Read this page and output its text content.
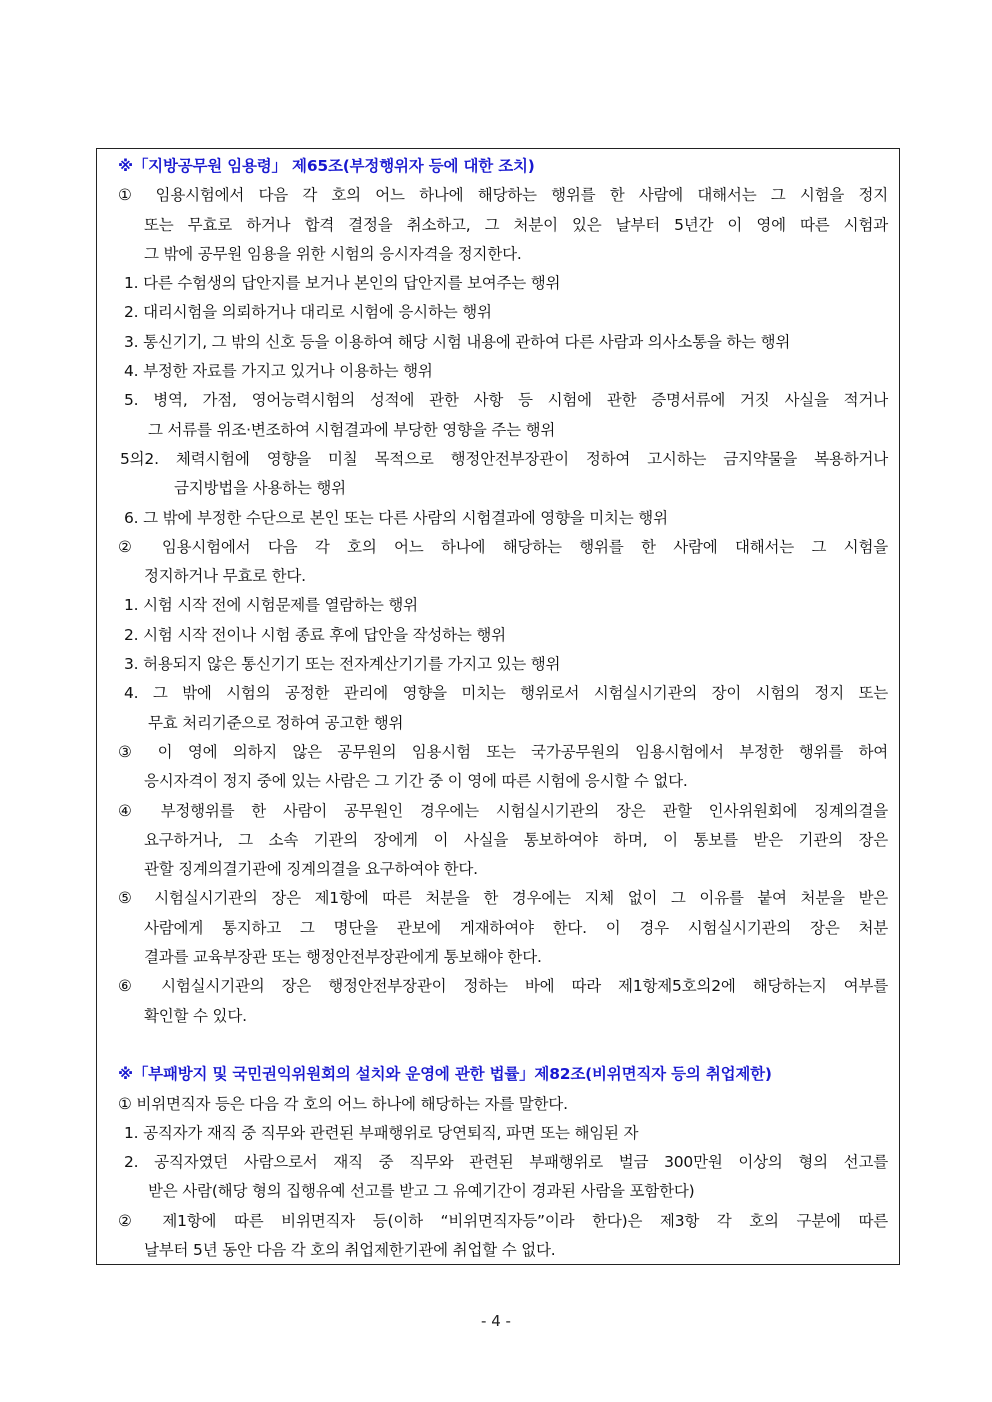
※「지방공무원 임용령」 제65조(부정행위자 등에 대한 조치)
① 임용시험에서 다음 각 호의 어느 하나에 해당하는 행위를 한 사람에 대해서는 그 시험을 정지
또는 무효로 하거나 합격 결정을 취소하고, 그 처분이 있은 날부터 5년간 이 영에 따른 시험과
그 밖에 공무원 임용을 위한 시험의 응시자격을 정지한다.
1. 다른 수험생의 답안지를 보거나 본인의 답안지를 보여주는 행위
2. 대리시험을 의뢰하거나 대리로 시험에 응시하는 행위
3. 통신기기, 그 밖의 신호 등을 이용하여 해당 시험 내용에 관하여 다른 사람과 의사소통을 하는 행위
4. 부정한 자료를 가지고 있거나 이용하는 행위
5. 병역, 가점, 영어능력시험의 성적에 관한 사항 등 시험에 관한 증명서류에 거짓 사실을 적거나
그 서류를 위조·변조하여 시험결과에 부당한 영향을 주는 행위
5의2. 체력시험에 영향을 미칠 목적으로 행정안전부장관이 정하여 고시하는 금지약물을 복용하거나
금지방법을 사용하는 행위
6. 그 밖에 부정한 수단으로 본인 또는 다른 사람의 시험결과에 영향을 미치는 행위
② 임용시험에서 다음 각 호의 어느 하나에 해당하는 행위를 한 사람에 대해서는 그 시험을
정지하거나 무효로 한다.
1. 시험 시작 전에 시험문제를 열람하는 행위
2. 시험 시작 전이나 시험 종료 후에 답안을 작성하는 행위
3. 허용되지 않은 통신기기 또는 전자계산기기를 가지고 있는 행위
4. 그 밖에 시험의 공정한 관리에 영향을 미치는 행위로서 시험실시기관의 장이 시험의 정지 또는
무효 처리기준으로 정하여 공고한 행위
③ 이 영에 의하지 않은 공무원의 임용시험 또는 국가공무원의 임용시험에서 부정한 행위를 하여
응시자격이 정지 중에 있는 사람은 그 기간 중 이 영에 따른 시험에 응시할 수 없다.
④ 부정행위를 한 사람이 공무원인 경우에는 시험실시기관의 장은 관할 인사위원회에 징계의결을
요구하거나, 그 소속 기관의 장에게 이 사실을 통보하여야 하며, 이 통보를 받은 기관의 장은
관할 징계의결기관에 징계의결을 요구하여야 한다.
⑤ 시험실시기관의 장은 제1항에 따른 처분을 한 경우에는 지체 없이 그 이유를 붙여 처분을 받은
사람에게 통지하고 그 명단을 관보에 게재하여야 한다. 이 경우 시험실시기관의 장은 처분
결과를 교육부장관 또는 행정안전부장관에게 통보해야 한다.
⑥ 시험실시기관의 장은 행정안전부장관이 정하는 바에 따라 제1항제5호의2에 해당하는지 여부를
확인할 수 있다.
※「부패방지 및 국민권익위원회의 설치와 운영에 관한 법률」제82조(비위면직자 등의 취업제한)
① 비위면직자 등은 다음 각 호의 어느 하나에 해당하는 자를 말한다.
1. 공직자가 재직 중 직무와 관련된 부패행위로 당연퇴직, 파면 또는 해임된 자
2. 공직자였던 사람으로서 재직 중 직무와 관련된 부패행위로 벌금 300만원 이상의 형의 선고를
받은 사람(해당 형의 집행유예 선고를 받고 그 유예기간이 경과된 사람을 포함한다)
② 제1항에 따른 비위면직자 등(이하 “비위면직자등”이라 한다)은 제3항 각 호의 구분에 따른
날부터 5년 동안 다음 각 호의 취업제한기관에 취업할 수 없다.
- 4 -
